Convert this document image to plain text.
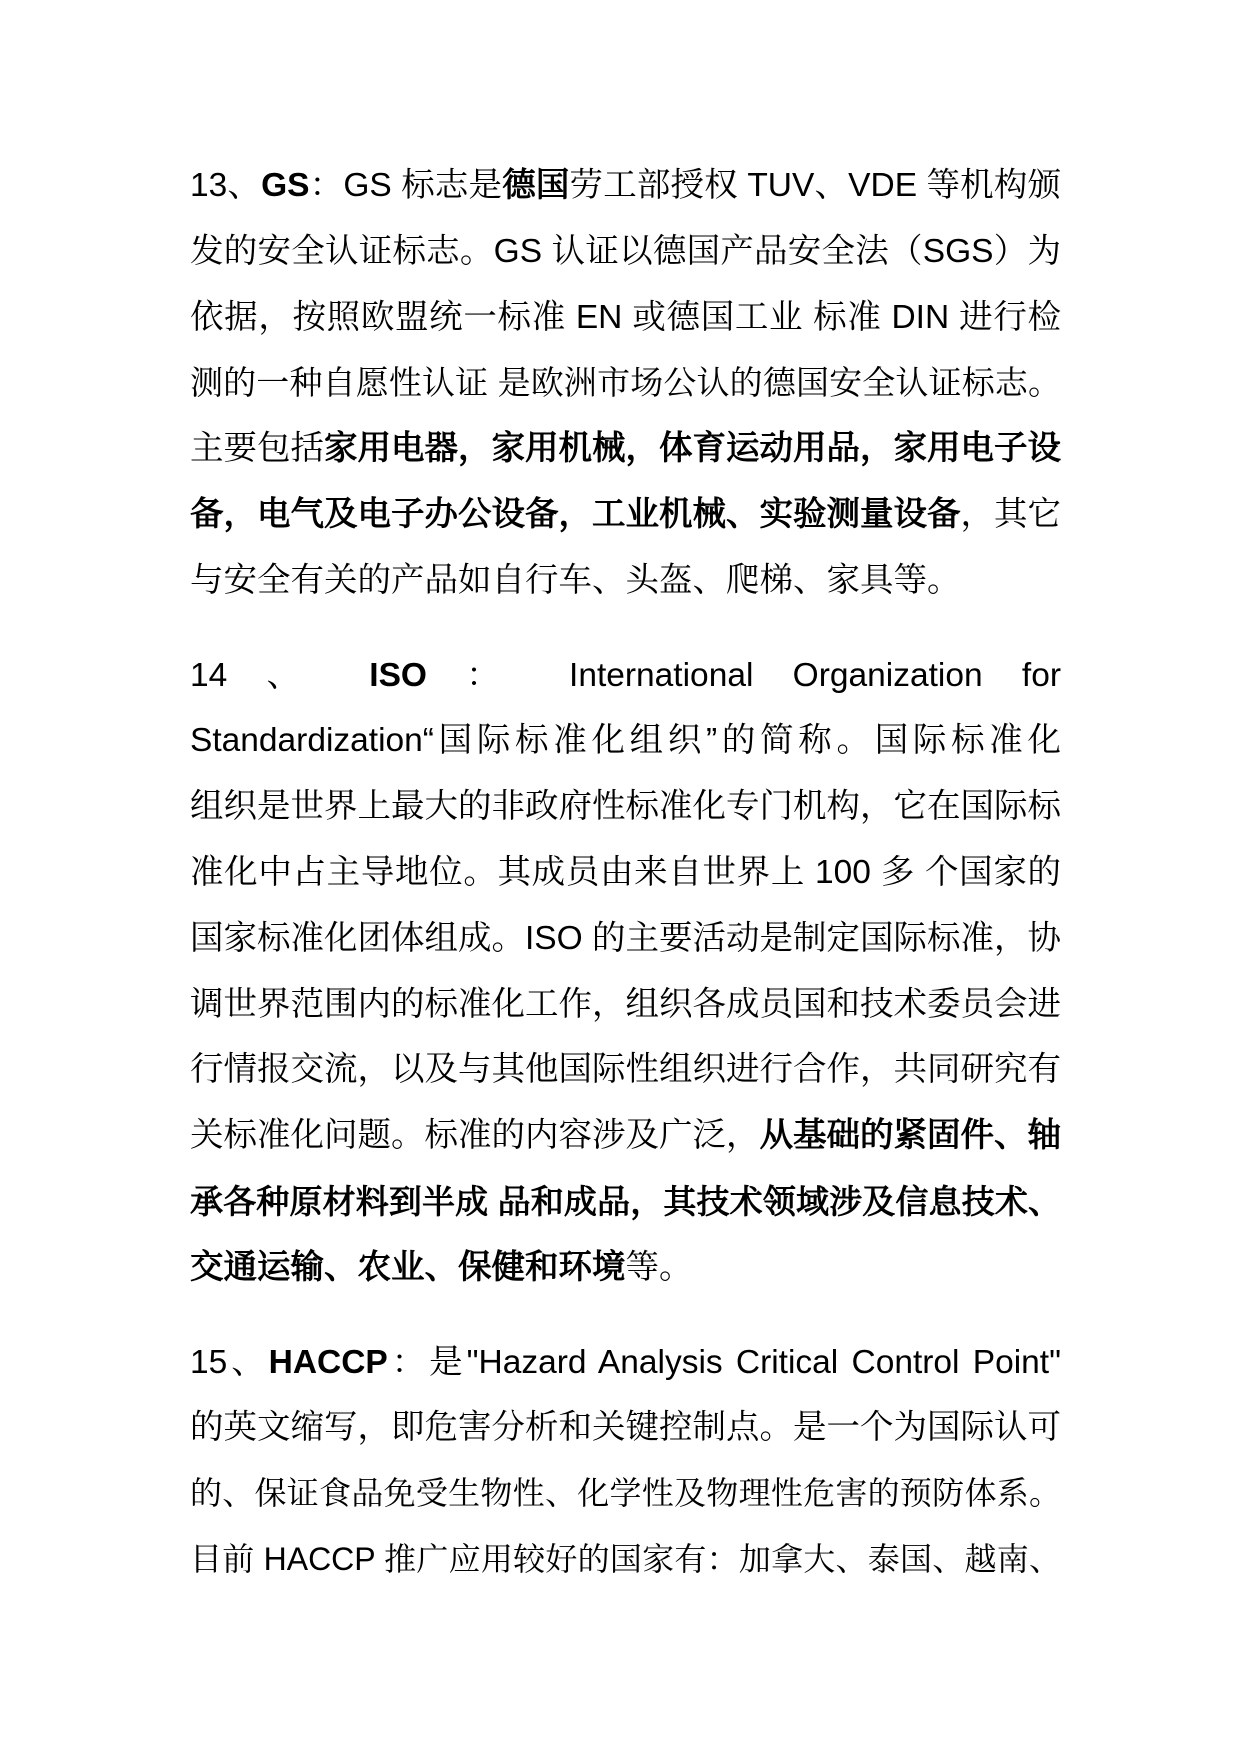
13、GS：GS 标志是德国劳工部授权 TUV、VDE 等机构颁
发的安全认证标志。GS 认证以德国产品安全法（SGS）为
依据，按照欧盟统一标准 EN 或德国工业 标准 DIN 进行检
测的一种自愿性认证 是欧洲市场公认的德国安全认证标志。
主要包括家用电器，家用机械，体育运动用品，家用电子设
备，电气及电子办公设备，工业机械、实验测量设备，其它
与安全有关的产品如自行车、头盔、爬梯、家具等。
14 、 ISO ： International Organization for
Standardization“国际标准化组织”的简称。国际标准化
组织是世界上最大的非政府性标准化专门机构，它在国际标
准化中占主导地位。其成员由来自世界上 100 多 个国家的
国家标准化团体组成。ISO 的主要活动是制定国际标准，协
调世界范围内的标准化工作，组织各成员国和技术委员会进
行情报交流，以及与其他国际性组织进行合作，共同研究有
关标准化问题。标准的内容涉及广泛，从基础的紧固件、轴
承各种原材料到半成 品和成品，其技术领域涉及信息技术、
交通运输、农业、保健和环境等。
15、HACCP：是"Hazard Analysis Critical Control Point"
的英文缩写，即危害分析和关键控制点。是一个为国际认可
的、保证食品免受生物性、化学性及物理性危害的预防体系。
目前 HACCP 推广应用较好的国家有：加拿大、泰国、越南、
